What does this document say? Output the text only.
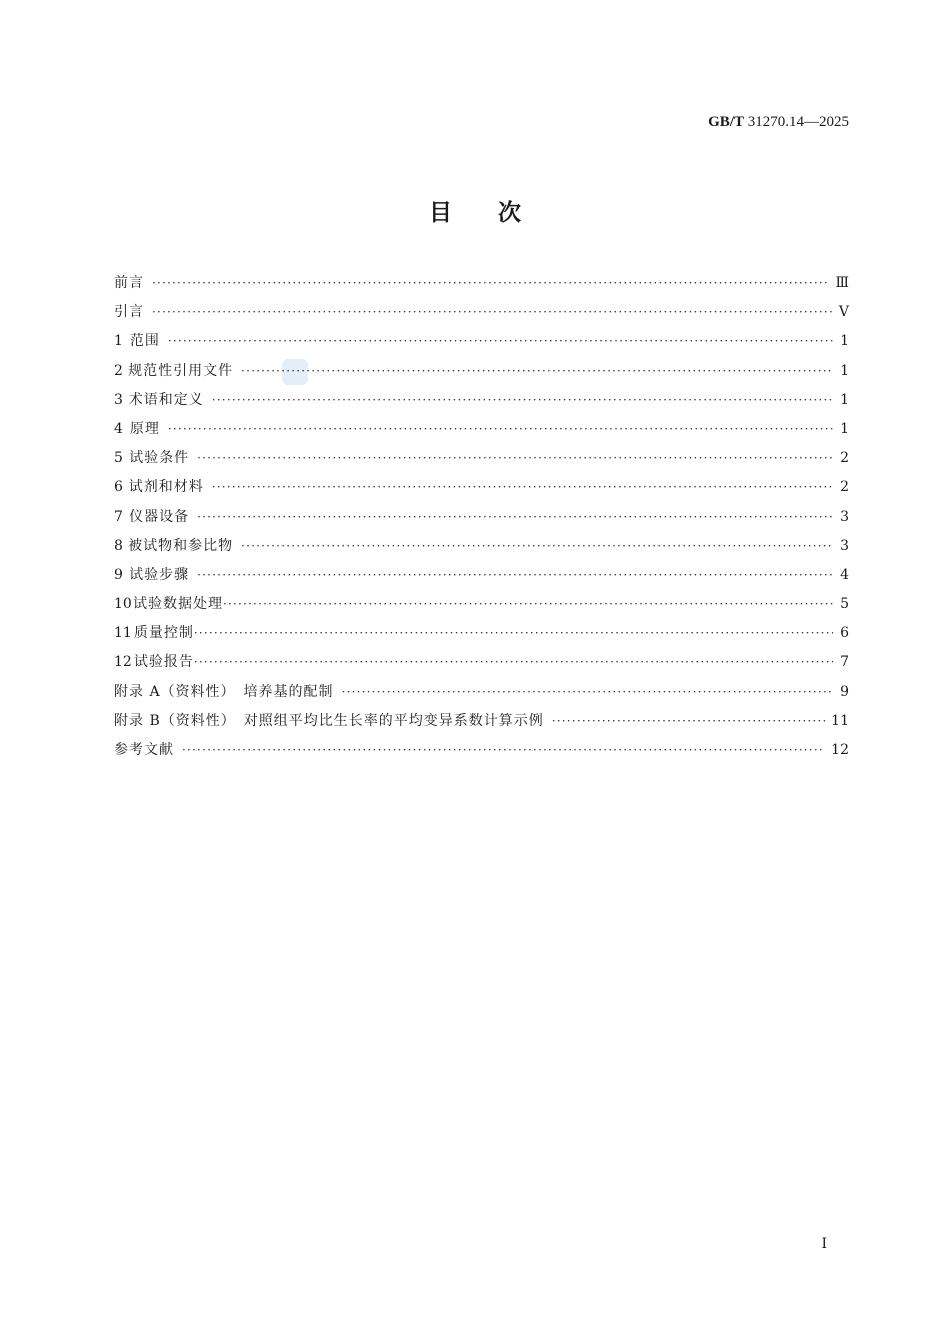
GB/T 31270.14—2025
目　　次
前言 ·····	Ⅲ
引言 ·····	Ⅴ
1 范围 ·····	1
2 规范性引用文件 ·····	1
3 术语和定义 ·····	1
4 原理 ·····	1
5 试验条件 ·····	2
6 试剂和材料 ·····	2
7 仪器设备 ·····	3
8 被试物和参比物 ·····	3
9 试验步骤 ·····	4
10 试验数据处理 ·····	5
11 质量控制 ·····	6
12 试验报告 ·····	7
附录 A（资料性）　培养基的配制 ·····	9
附录 B（资料性）　对照组平均比生长率的平均变异系数计算示例 ·····	11
参考文献 ·····	12
Ⅰ
